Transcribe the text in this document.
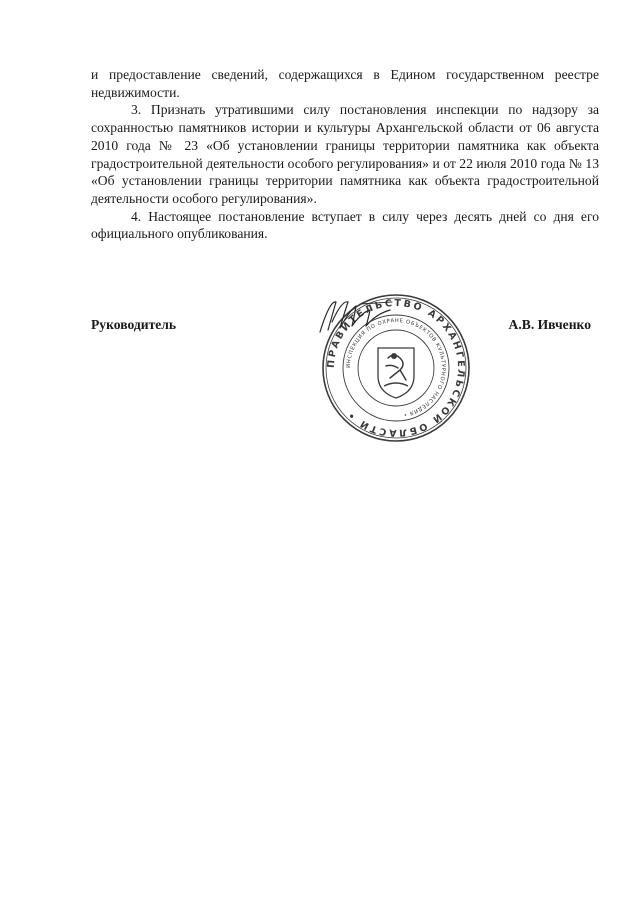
и предоставление сведений, содержащихся в Едином государственном реестре недвижимости.

3. Признать утратившими силу постановления инспекции по надзору за сохранностью памятников истории и культуры Архангельской области от 06 августа 2010 года № 23 «Об установлении границы территории памятника как объекта градостроительной деятельности особого регулирования» и от 22 июля 2010 года № 13 «Об установлении границы территории памятника как объекта градостроительной деятельности особого регулирования».

4. Настоящее постановление вступает в силу через десять дней со дня его официального опубликования.

ПРАВИТЕЛЬСТВО АРХАНГЕЛЬСКОЙ ОБЛАСТИ •
ИНСПЕКЦИЯ ПО ОХРАНЕ ОБЪЕКТОВ КУЛЬТУРНОГО НАСЛЕДИЯ •
Руководитель	А.В. Ивченко
